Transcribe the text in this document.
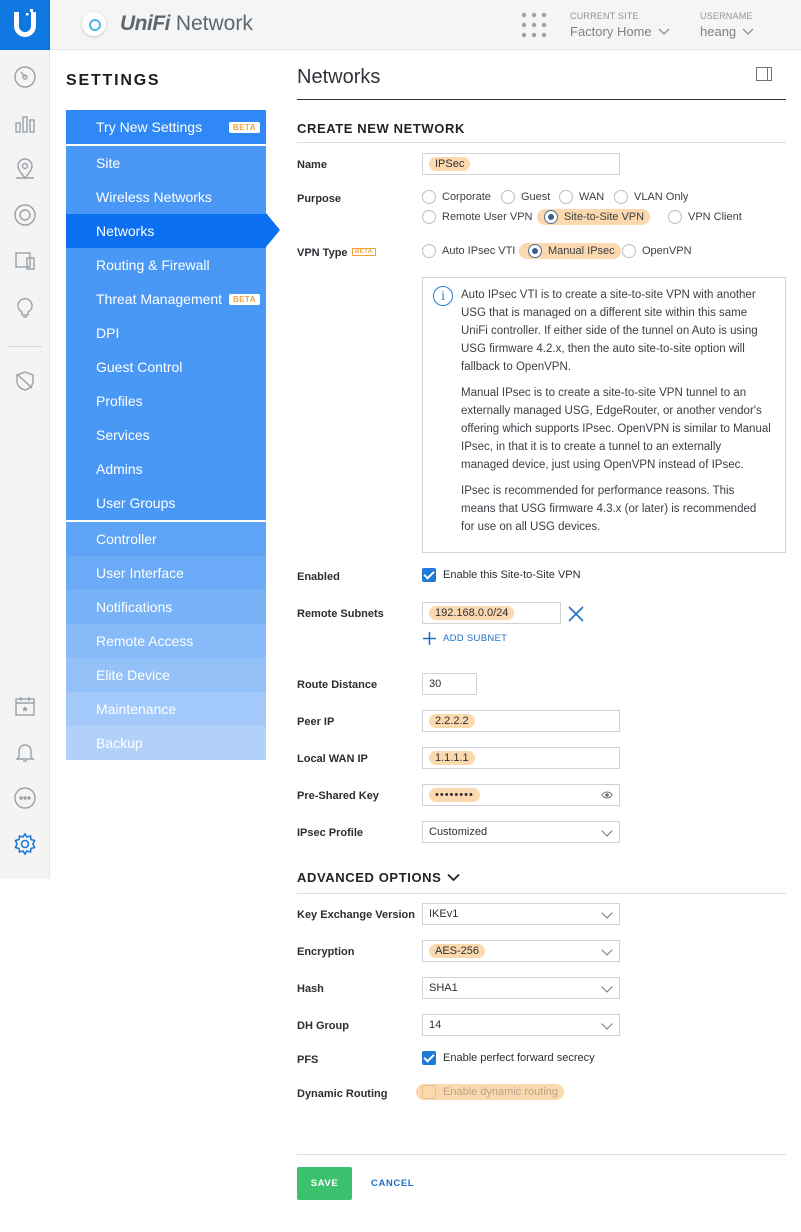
UniFi Network	CURRENT SITE
Factory Home
USERNAME
heang
SETTINGS
Try New Settings	BETA
Site
Wireless Networks
Networks
Routing & Firewall
Threat Management	BETA
DPI
Guest Control
Profiles
Services
Admins
User Groups
Controller
User Interface
Notifications
Remote Access
Elite Device
Maintenance
Backup
Networks
CREATE NEW NETWORK
Name	IPSec
Purpose	Corporate	Guest	WAN	VLAN Only
Remote User VPN	Site-to-Site VPN	VPN Client
VPN Type	BETA	Auto IPsec VTI	Manual IPsec OpenVPN
i	Auto IPsec VTI is to create a site-to-site VPN with another USG that is managed on a different site within this same UniFi controller. If either side of the tunnel on Auto is using USG firmware 4.2.x, then the auto site-to-site option will fallback to OpenVPN.

Manual IPsec is to create a site-to-site VPN tunnel to an externally managed USG, EdgeRouter, or another vendor's offering which supports IPsec. OpenVPN is similar to Manual IPsec, in that it is to create a tunnel to an externally managed device, just using OpenVPN instead of IPsec.

IPsec is recommended for performance reasons. This means that USG firmware 4.3.x (or later) is recommended for use on all USG devices.

Enabled	Enable this Site-to-Site VPN
Remote Subnets	192.168.0.0/24
ADD SUBNET
Route Distance	30
Peer IP	2.2.2.2
Local WAN IP	1.1.1.1
Pre-Shared Key	••••••••
IPsec Profile	Customized
ADVANCED OPTIONS
Key Exchange Version IKEv1
Encryption	AES-256
Hash	SHA1
DH Group	14
PFS	Enable perfect forward secrecy
Dynamic Routing	Enable dynamic routing
SAVE	CANCEL
